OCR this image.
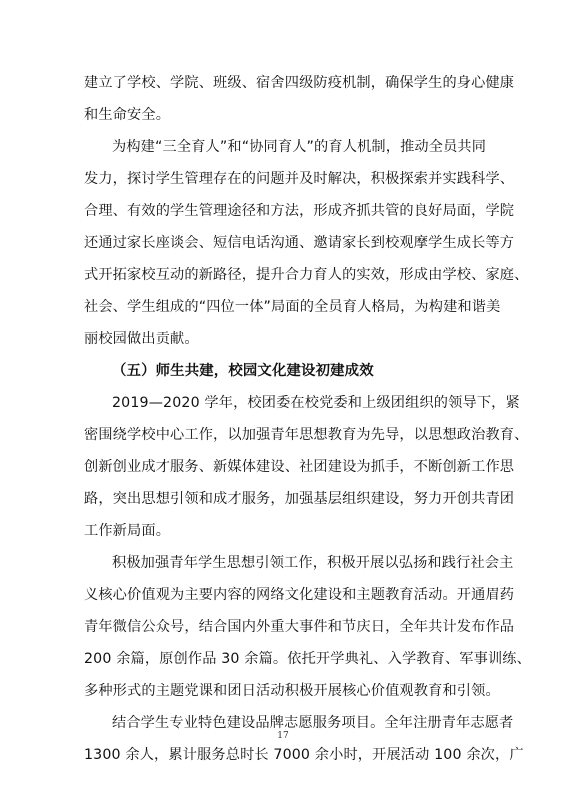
建立了学校、学院、班级、宿舍四级防疫机制，确保学生的身心健康
和生命安全。
为构建“三全育人”和“协同育人”的育人机制，推动全员共同
发力，探讨学生管理存在的问题并及时解决，积极探索并实践科学、
合理、有效的学生管理途径和方法，形成齐抓共管的良好局面，学院
还通过家长座谈会、短信电话沟通、邀请家长到校观摩学生成长等方
式开拓家校互动的新路径，提升合力育人的实效，形成由学校、家庭、
社会、学生组成的“四位一体”局面的全员育人格局，为构建和谐美
丽校园做出贡献。
（五）师生共建，校园文化建设初建成效
2019—2020 学年，校团委在校党委和上级团组织的领导下，紧
密围绕学校中心工作，以加强青年思想教育为先导，以思想政治教育、
创新创业成才服务、新媒体建设、社团建设为抓手，不断创新工作思
路，突出思想引领和成才服务，加强基层组织建设，努力开创共青团
工作新局面。
积极加强青年学生思想引领工作，积极开展以弘扬和践行社会主
义核心价值观为主要内容的网络文化建设和主题教育活动。开通眉药
青年微信公众号，结合国内外重大事件和节庆日，全年共计发布作品
200 余篇，原创作品 30 余篇。依托开学典礼、入学教育、军事训练、
多种形式的主题党课和团日活动积极开展核心价值观教育和引领。
结合学生专业特色建设品牌志愿服务项目。全年注册青年志愿者
1300 余人，累计服务总时长 7000 余小时，开展活动 100 余次，广
17
